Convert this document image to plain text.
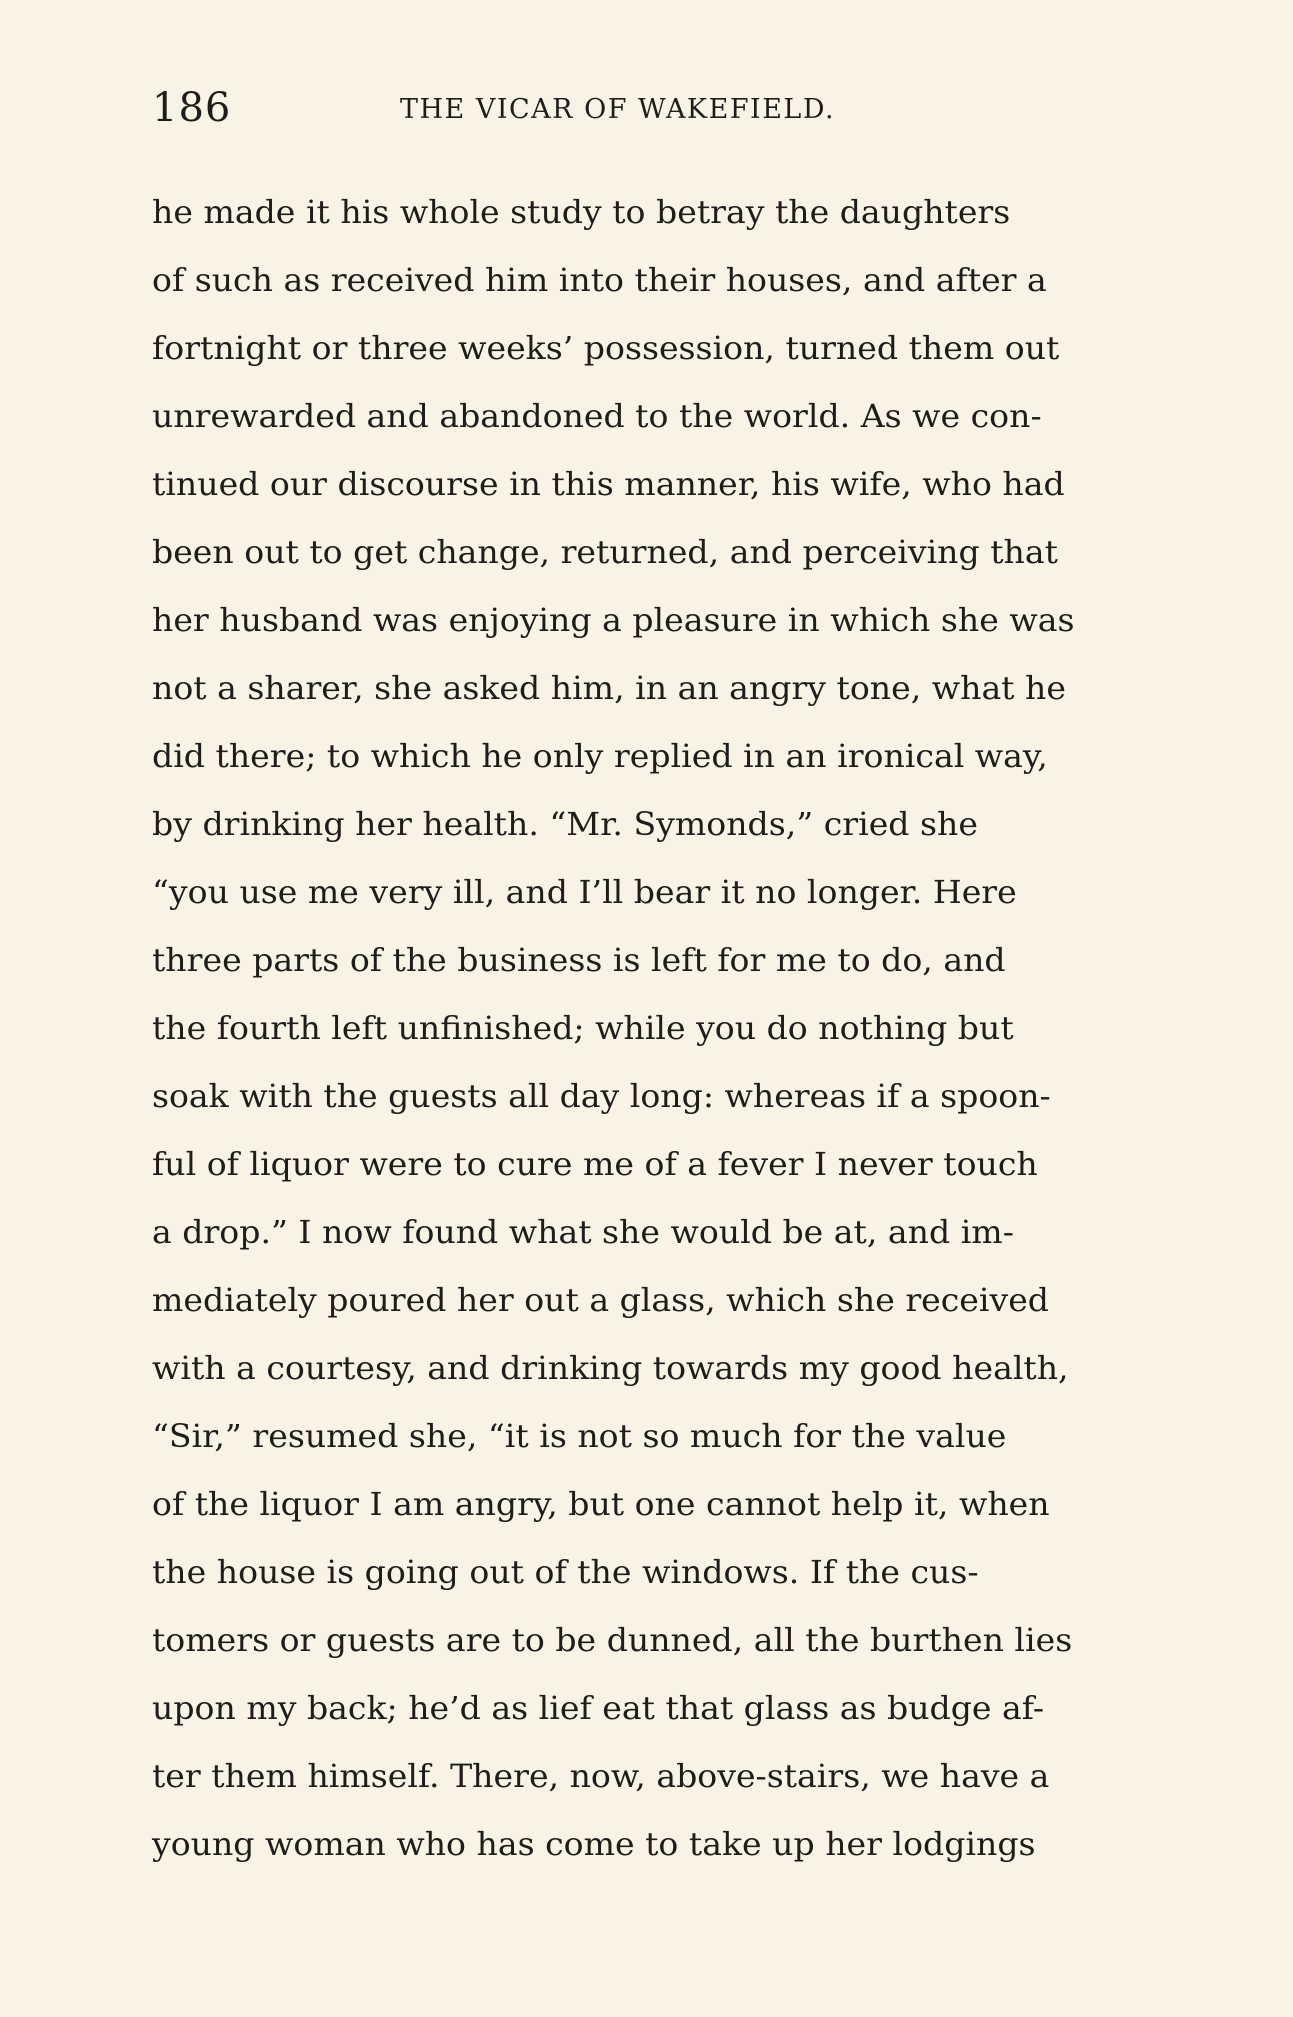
186	THE VICAR OF WAKEFIELD.
he made it his whole study to betray the daughters
of such as received him into their houses, and after a
fortnight or three weeks’ possession, turned them out
unrewarded and abandoned to the world. As we con-
tinued our discourse in this manner, his wife, who had
been out to get change, returned, and perceiving that
her husband was enjoying a pleasure in which she was
not a sharer, she asked him, in an angry tone, what he
did there; to which he only replied in an ironical way,
by drinking her health. “Mr. Symonds,” cried she
“you use me very ill, and I’ll bear it no longer. Here
three parts of the business is left for me to do, and
the fourth left unfinished; while you do nothing but
soak with the guests all day long: whereas if a spoon-
ful of liquor were to cure me of a fever I never touch
a drop.” I now found what she would be at, and im-
mediately poured her out a glass, which she received
with a courtesy, and drinking towards my good health,
“Sir,” resumed she, “it is not so much for the value
of the liquor I am angry, but one cannot help it, when
the house is going out of the windows. If the cus-
tomers or guests are to be dunned, all the burthen lies
upon my back; he’d as lief eat that glass as budge af-
ter them himself. There, now, above-stairs, we have a
young woman who has come to take up her lodgings
